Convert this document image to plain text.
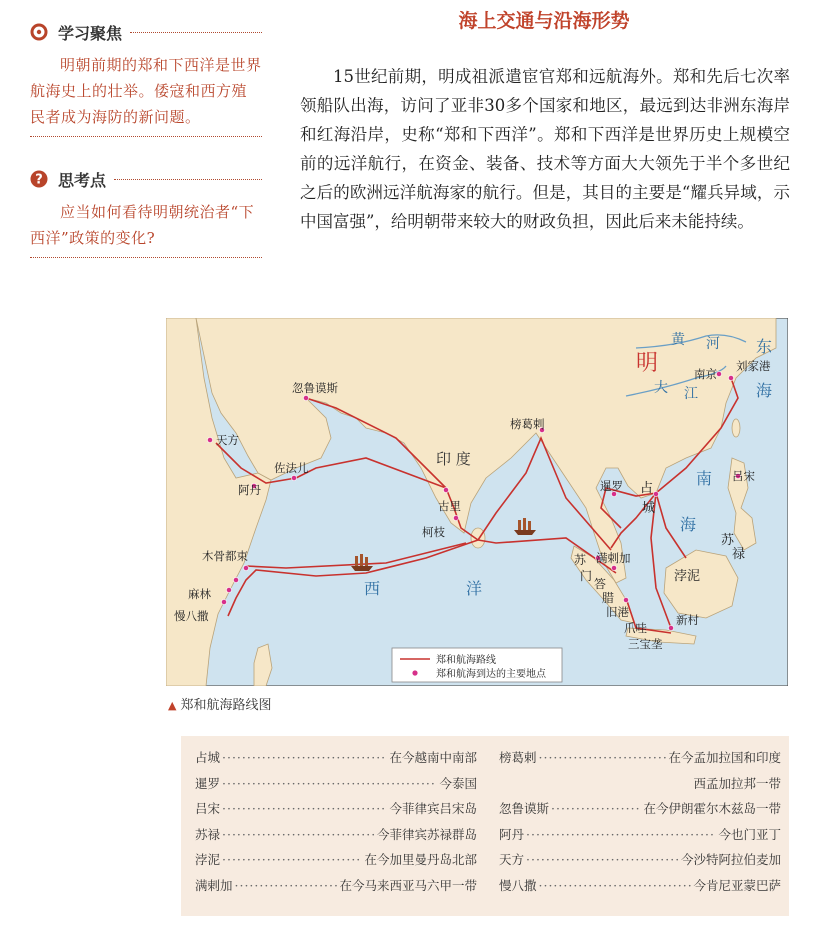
学习聚焦

明朝前期的郑和下西洋是世界航海史上的壮举。倭寇和西方殖民者成为海防的新问题。

? 思考点

应当如何看待明朝统治者“下西洋”政策的变化?

海上交通与沿海形势

15世纪前期，明成祖派遣宦官郑和远航海外。郑和先后七次率领船队出海，访问了亚非30多个国家和地区，最远到达非洲东海岸和红海沿岸，史称“郑和下西洋”。郑和下西洋是世界历史上规模空前的远洋航行，在资金、装备、技术等方面大大领先于半个多世纪之后的欧洲远洋航海家的航行。但是，其目的主要是“耀兵异域，示中国富强”，给明朝带来较大的财政负担，因此后来未能持续。

明
黄 河
大 江
东
海
南
海
西	洋
印 度
南京
刘家港
忽鲁谟斯
天方
阿丹
佐法儿
木骨都束
麻林
慢八撒
古里
柯枝
榜葛剌
暹罗 占
城
吕宋
苏
禄
浡泥
满剌加
苏
门
答
腊
旧港
爪哇
新村
三宝垄
郑和航海路线
郑和航海到达的主要地点
▲ 郑和航海路线图
占城 ·····	在今越南中南部
暹罗 ·····	今泰国
吕宋 ·····	今菲律宾吕宋岛
苏禄 ·····	今菲律宾苏禄群岛
浡泥 ·····	在今加里曼丹岛北部
满剌加 ·····	在今马来西亚马六甲一带
榜葛剌 ·····	在今孟加拉国和印度
西孟加拉邦一带
忽鲁谟斯 ·····	在今伊朗霍尔木兹岛一带
阿丹 ·····	今也门亚丁
天方 ·····	今沙特阿拉伯麦加
慢八撒 ·····	今肯尼亚蒙巴萨
